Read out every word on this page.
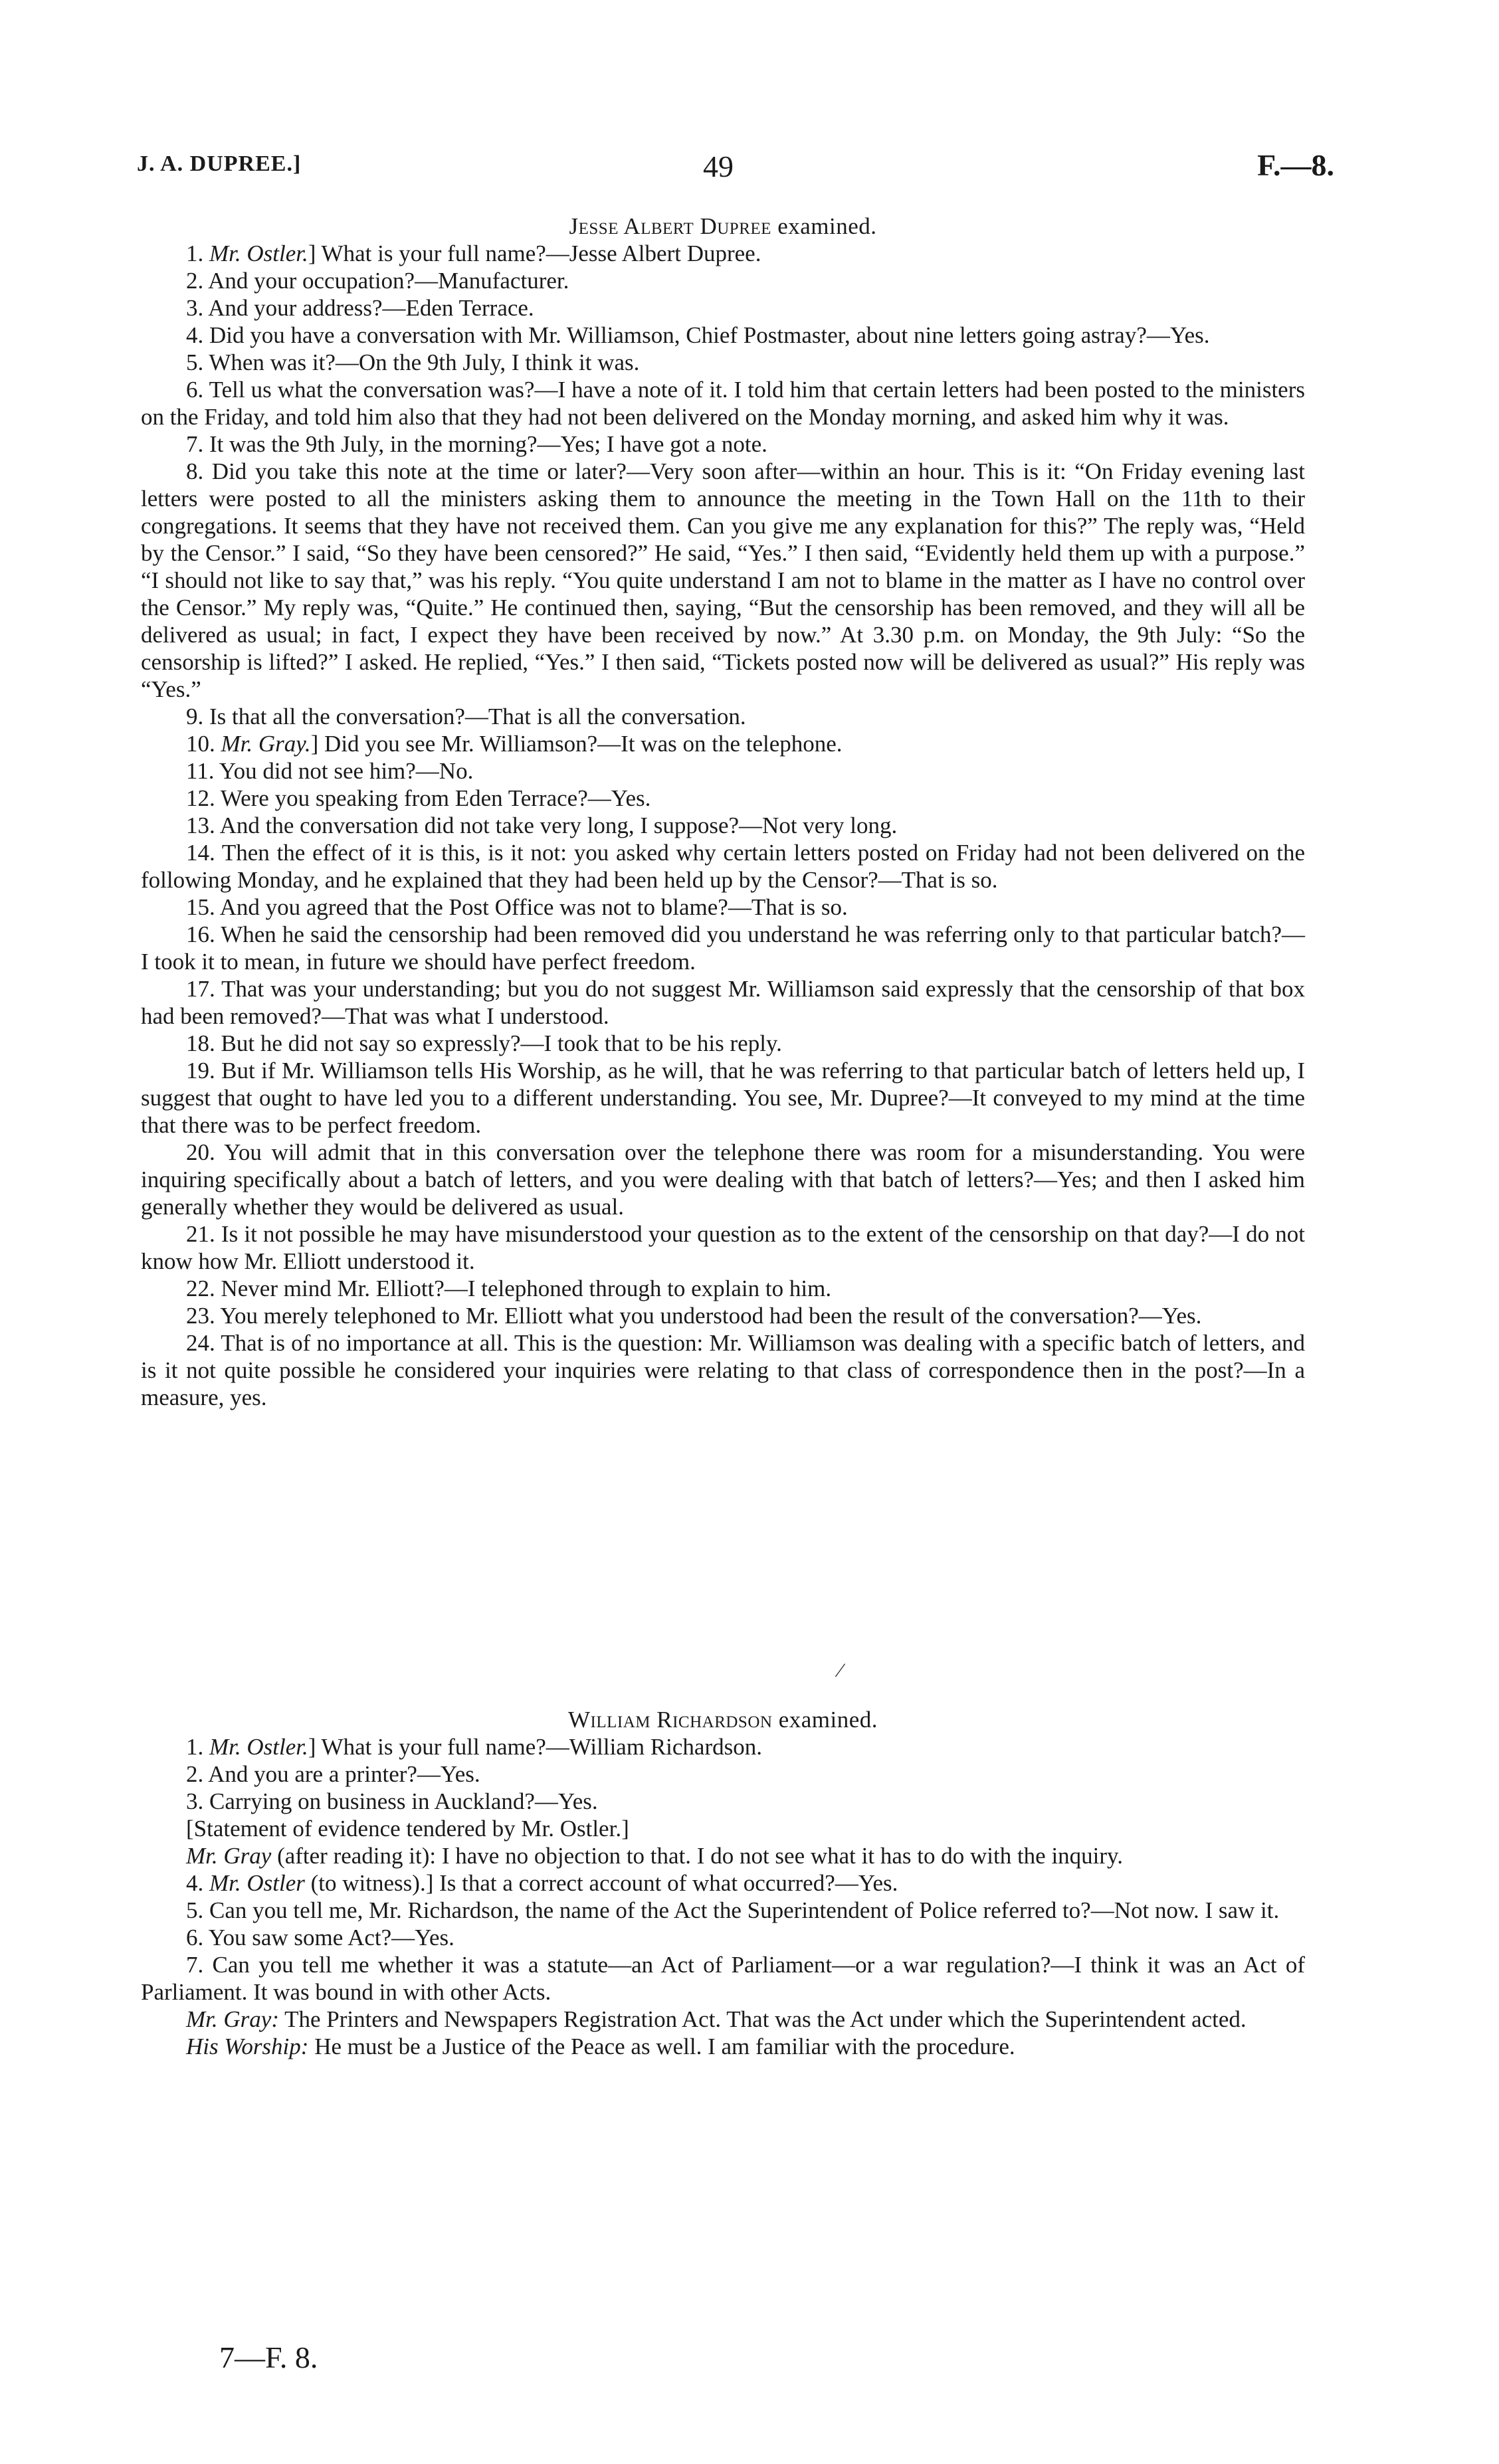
J. A. DUPREE.]	49	F.—8.
Jesse Albert Dupree examined.

1. Mr. Ostler.] What is your full name?—Jesse Albert Dupree.

2. And your occupation?—Manufacturer.

3. And your address?—Eden Terrace.

4. Did you have a conversation with Mr. Williamson, Chief Postmaster, about nine letters going astray?—Yes.

5. When was it?—On the 9th July, I think it was.

6. Tell us what the conversation was?—I have a note of it. I told him that certain letters had been posted to the ministers on the Friday, and told him also that they had not been delivered on the Monday morning, and asked him why it was.

7. It was the 9th July, in the morning?—Yes; I have got a note.

8. Did you take this note at the time or later?—Very soon after—within an hour. This is it: “On Friday evening last letters were posted to all the ministers asking them to announce the meeting in the Town Hall on the 11th to their congregations. It seems that they have not received them. Can you give me any explanation for this?” The reply was, “Held by the Censor.” I said, “So they have been censored?” He said, “Yes.” I then said, “Evidently held them up with a purpose.” “I should not like to say that,” was his reply. “You quite understand I am not to blame in the matter as I have no control over the Censor.” My reply was, “Quite.” He continued then, saying, “But the censorship has been removed, and they will all be delivered as usual; in fact, I expect they have been received by now.” At 3.30 p.m. on Monday, the 9th July: “So the censorship is lifted?” I asked. He replied, “Yes.” I then said, “Tickets posted now will be delivered as usual?” His reply was “Yes.”

9. Is that all the conversation?—That is all the conversation.

10. Mr. Gray.] Did you see Mr. Williamson?—It was on the telephone.

11. You did not see him?—No.

12. Were you speaking from Eden Terrace?—Yes.

13. And the conversation did not take very long, I suppose?—Not very long.

14. Then the effect of it is this, is it not: you asked why certain letters posted on Friday had not been delivered on the following Monday, and he explained that they had been held up by the Censor?—That is so.

15. And you agreed that the Post Office was not to blame?—That is so.

16. When he said the censorship had been removed did you understand he was referring only to that particular batch?—I took it to mean, in future we should have perfect freedom.

17. That was your understanding; but you do not suggest Mr. Williamson said expressly that the censorship of that box had been removed?—That was what I understood.

18. But he did not say so expressly?—I took that to be his reply.

19. But if Mr. Williamson tells His Worship, as he will, that he was referring to that particular batch of letters held up, I suggest that ought to have led you to a different understanding. You see, Mr. Dupree?—It conveyed to my mind at the time that there was to be perfect freedom.

20. You will admit that in this conversation over the telephone there was room for a misunderstanding. You were inquiring specifically about a batch of letters, and you were dealing with that batch of letters?—Yes; and then I asked him generally whether they would be delivered as usual.

21. Is it not possible he may have misunderstood your question as to the extent of the censorship on that day?—I do not know how Mr. Elliott understood it.

22. Never mind Mr. Elliott?—I telephoned through to explain to him.

23. You merely telephoned to Mr. Elliott what you understood had been the result of the conversation?—Yes.

24. That is of no importance at all. This is the question: Mr. Williamson was dealing with a specific batch of letters, and is it not quite possible he considered your inquiries were relating to that class of correspondence then in the post?—In a measure, yes.

⁄
William Richardson examined.

1. Mr. Ostler.] What is your full name?—William Richardson.

2. And you are a printer?—Yes.

3. Carrying on business in Auckland?—Yes.

[Statement of evidence tendered by Mr. Ostler.]

Mr. Gray (after reading it): I have no objection to that. I do not see what it has to do with the inquiry.

4. Mr. Ostler (to witness).] Is that a correct account of what occurred?—Yes.

5. Can you tell me, Mr. Richardson, the name of the Act the Superintendent of Police referred to?—Not now. I saw it.

6. You saw some Act?—Yes.

7. Can you tell me whether it was a statute—an Act of Parliament—or a war regulation?—I think it was an Act of Parliament. It was bound in with other Acts.

Mr. Gray: The Printers and Newspapers Registration Act. That was the Act under which the Superintendent acted.

His Worship: He must be a Justice of the Peace as well. I am familiar with the procedure.

7—F. 8.
